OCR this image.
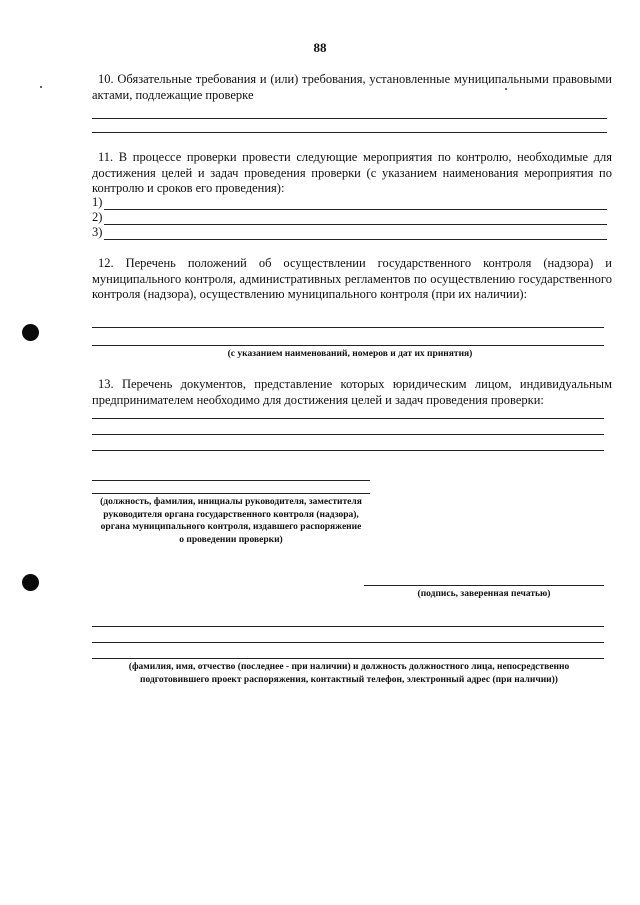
88
10. Обязательные требования и (или) требования, установленные муниципальными правовыми актами, подлежащие проверке
11. В процессе проверки провести следующие мероприятия по контролю, необходимые для достижения целей и задач проведения проверки (с указанием наименования мероприятия по контролю и сроков его проведения):
1)
2)
3)
12. Перечень положений об осуществлении государственного контроля (надзора) и муниципального контроля, административных регламентов по осуществлению государственного контроля (надзора), осуществлению муниципального контроля (при их наличии):
(с указанием наименований, номеров и дат их принятия)
13. Перечень документов, представление которых юридическим лицом, индивидуальным предпринимателем необходимо для достижения целей и задач проведения проверки:
(должность, фамилия, инициалы руководителя, заместителя руководителя органа государственного контроля (надзора), органа муниципального контроля, издавшего распоряжение о проведении проверки)
(подпись, заверенная печатью)
(фамилия, имя, отчество (последнее - при наличии) и должность должностного лица, непосредственно подготовившего проект распоряжения, контактный телефон, электронный адрес (при наличии))
